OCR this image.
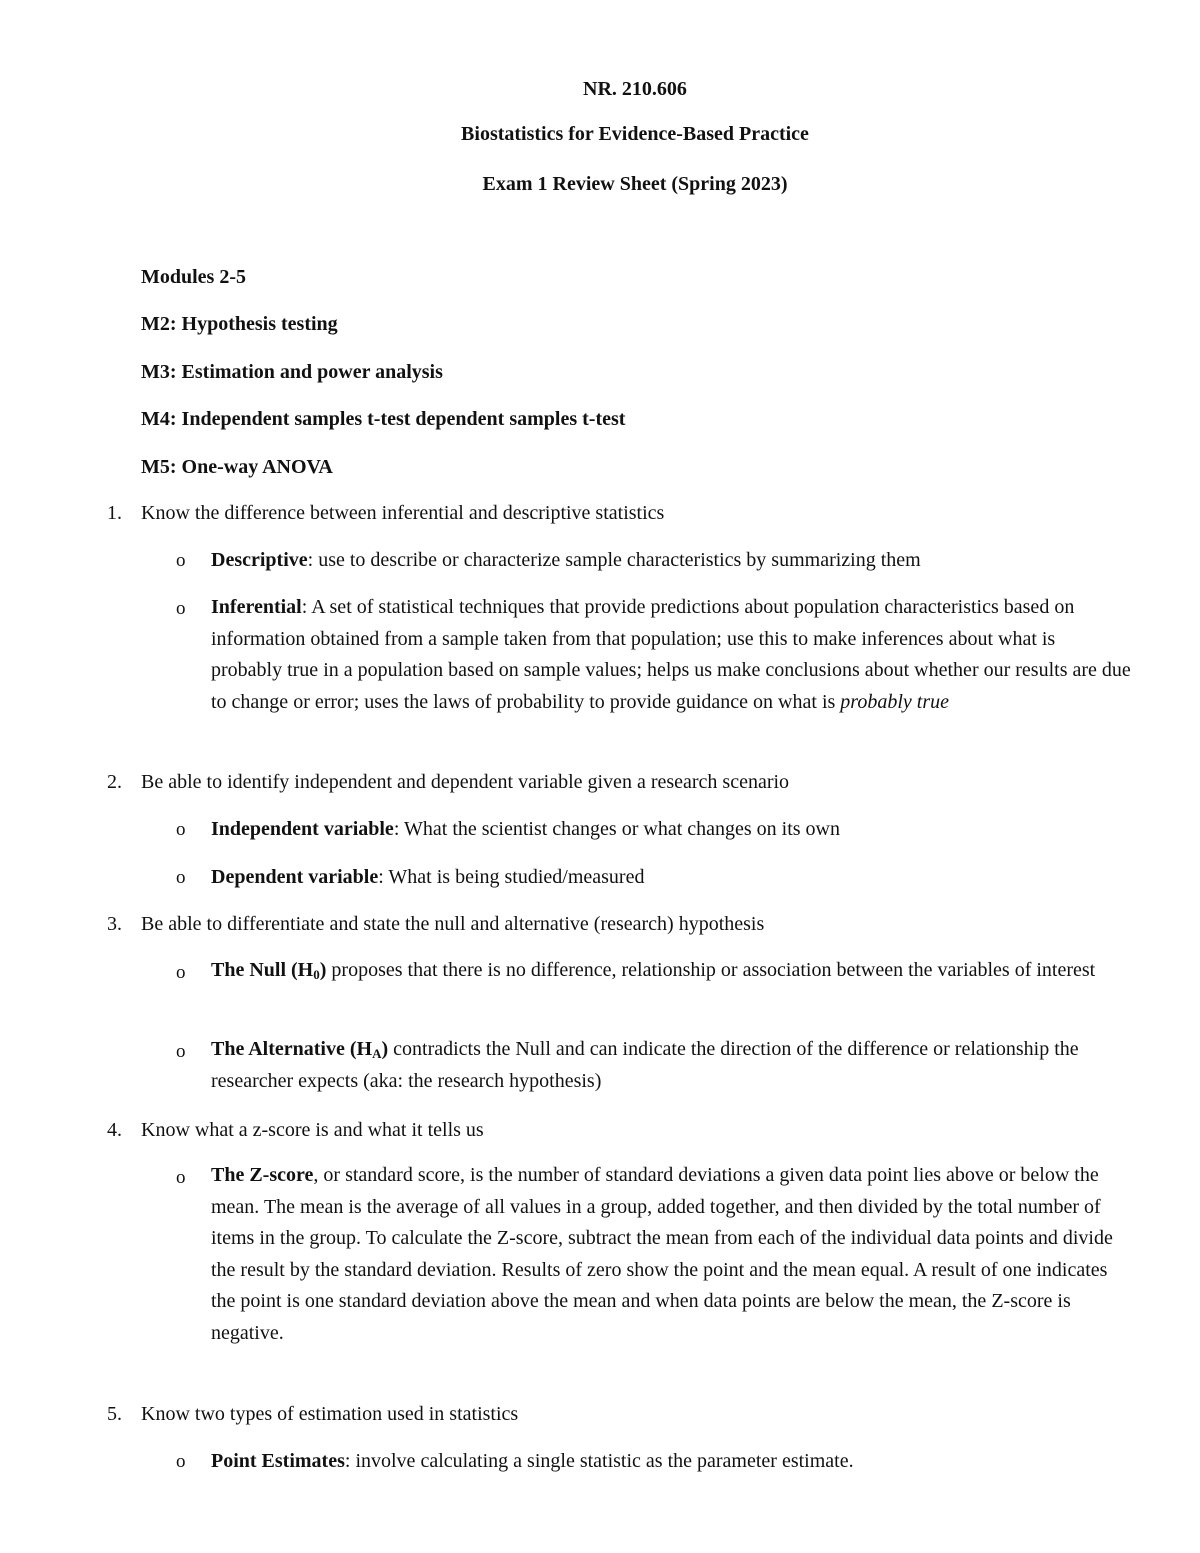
NR. 210.606
Biostatistics for Evidence-Based Practice
Exam 1 Review Sheet (Spring 2023)
Modules 2-5
M2: Hypothesis testing
M3: Estimation and power analysis
M4: Independent samples t-test dependent samples t-test
M5: One-way ANOVA
1. Know the difference between inferential and descriptive statistics
o Descriptive: use to describe or characterize sample characteristics by summarizing them
o Inferential: A set of statistical techniques that provide predictions about population characteristics based on information obtained from a sample taken from that population; use this to make inferences about what is probably true in a population based on sample values; helps us make conclusions about whether our results are due to change or error; uses the laws of probability to provide guidance on what is probably true
2. Be able to identify independent and dependent variable given a research scenario
o Independent variable: What the scientist changes or what changes on its own
o Dependent variable: What is being studied/measured
3. Be able to differentiate and state the null and alternative (research) hypothesis
o The Null $(H_0)$ proposes that there is no difference, relationship or association between the variables of interest
o The Alternative $(H_A)$ contradicts the Null and can indicate the direction of the difference or relationship the researcher expects (aka: the research hypothesis)
4. Know what a z-score is and what it tells us
o The Z-score, or standard score, is the number of standard deviations a given data point lies above or below the mean. The mean is the average of all values in a group, added together, and then divided by the total number of items in the group. To calculate the Z-score, subtract the mean from each of the individual data points and divide the result by the standard deviation. Results of zero show the point and the mean equal. A result of one indicates the point is one standard deviation above the mean and when data points are below the mean, the Z-score is negative.
5. Know two types of estimation used in statistics
o Point Estimates: involve calculating a single statistic as the parameter estimate.
